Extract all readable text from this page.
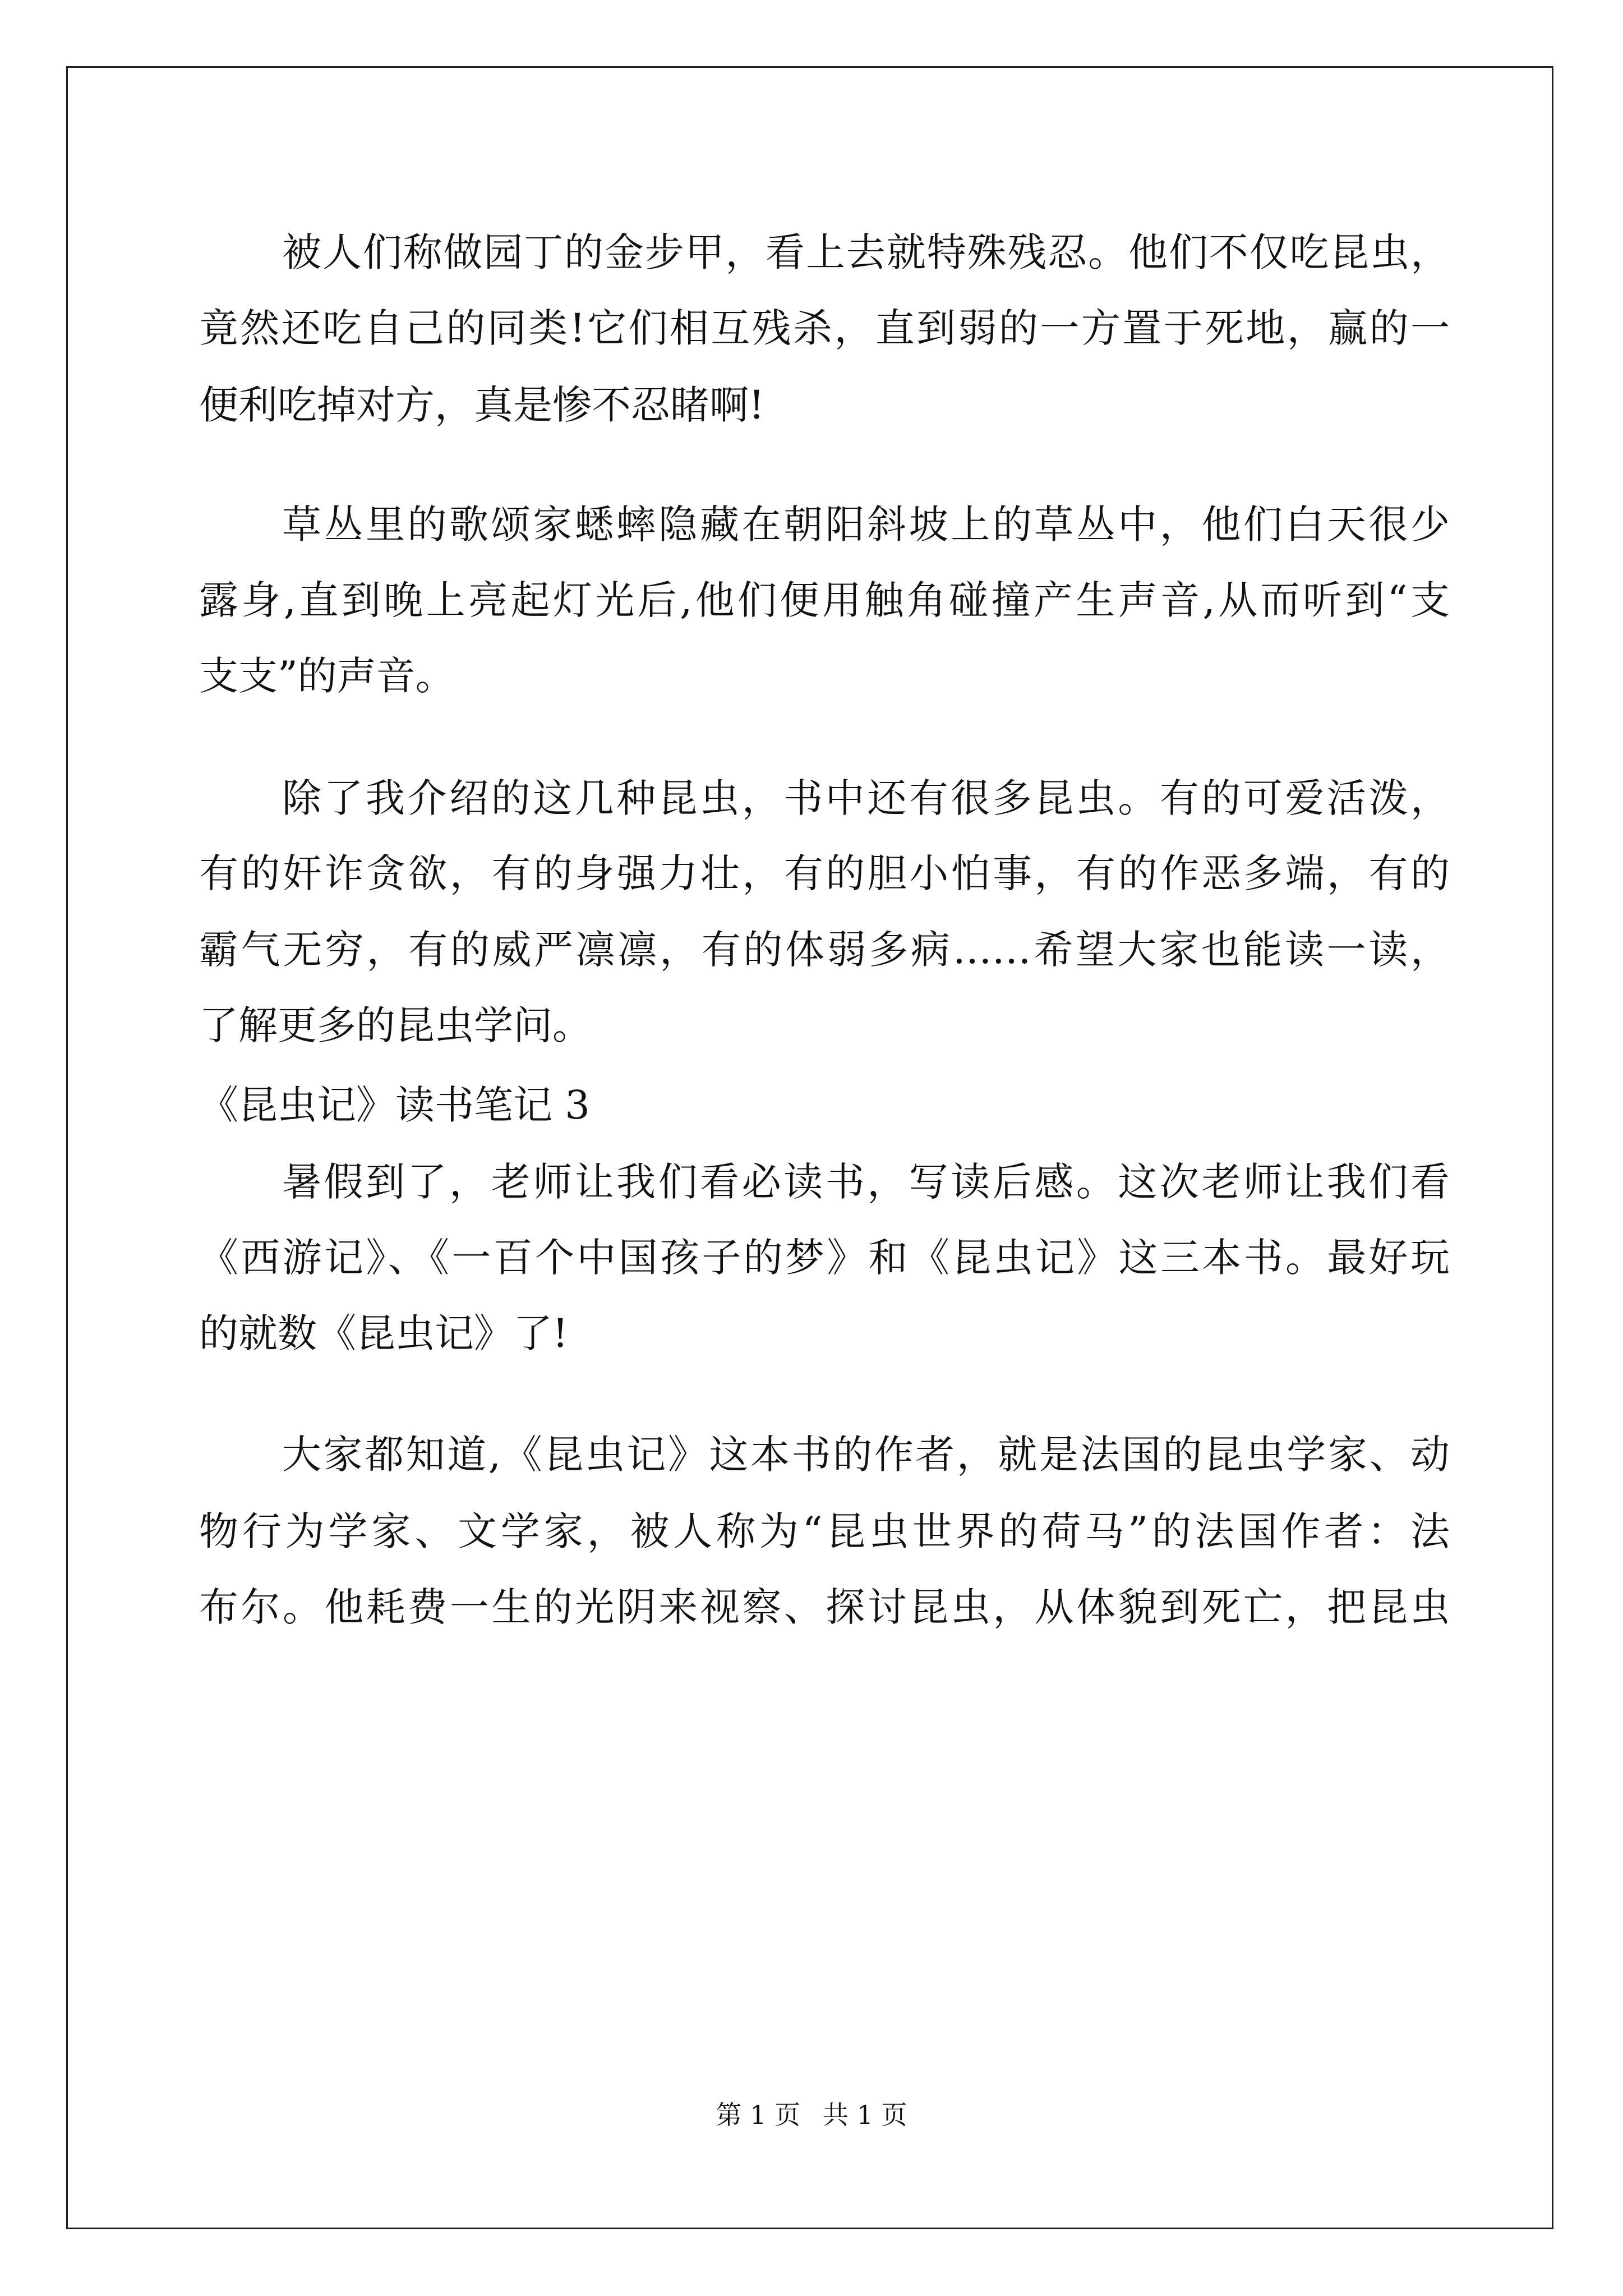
被人们称做园丁的金步甲，看上去就特殊残忍。他们不仅吃昆虫，
竟然还吃自己的同类!它们相互残杀，直到弱的一方置于死地，赢的一
便利吃掉对方，真是惨不忍睹啊!
草丛里的歌颂家蟋蟀隐藏在朝阳斜坡上的草丛中，他们白天很少
露身,直到晚上亮起灯光后,他们便用触角碰撞产生声音,从而听到“支
支支”的声音。
除了我介绍的这几种昆虫，书中还有很多昆虫。有的可爱活泼，
有的奸诈贪欲，有的身强力壮，有的胆小怕事，有的作恶多端，有的
霸气无穷，有的威严凛凛，有的体弱多病……希望大家也能读一读，
了解更多的昆虫学问。
《昆虫记》读书笔记 3
暑假到了，老师让我们看必读书，写读后感。这次老师让我们看
《西游记》、《一百个中国孩子的梦》和《昆虫记》这三本书。最好玩
的就数《昆虫记》了!
大家都知道,《昆虫记》这本书的作者，就是法国的昆虫学家、动
物行为学家、文学家，被人称为“昆虫世界的荷马”的法国作者：法
布尔。他耗费一生的光阴来视察、探讨昆虫，从体貌到死亡，把昆虫
第 1 页 共 1 页
